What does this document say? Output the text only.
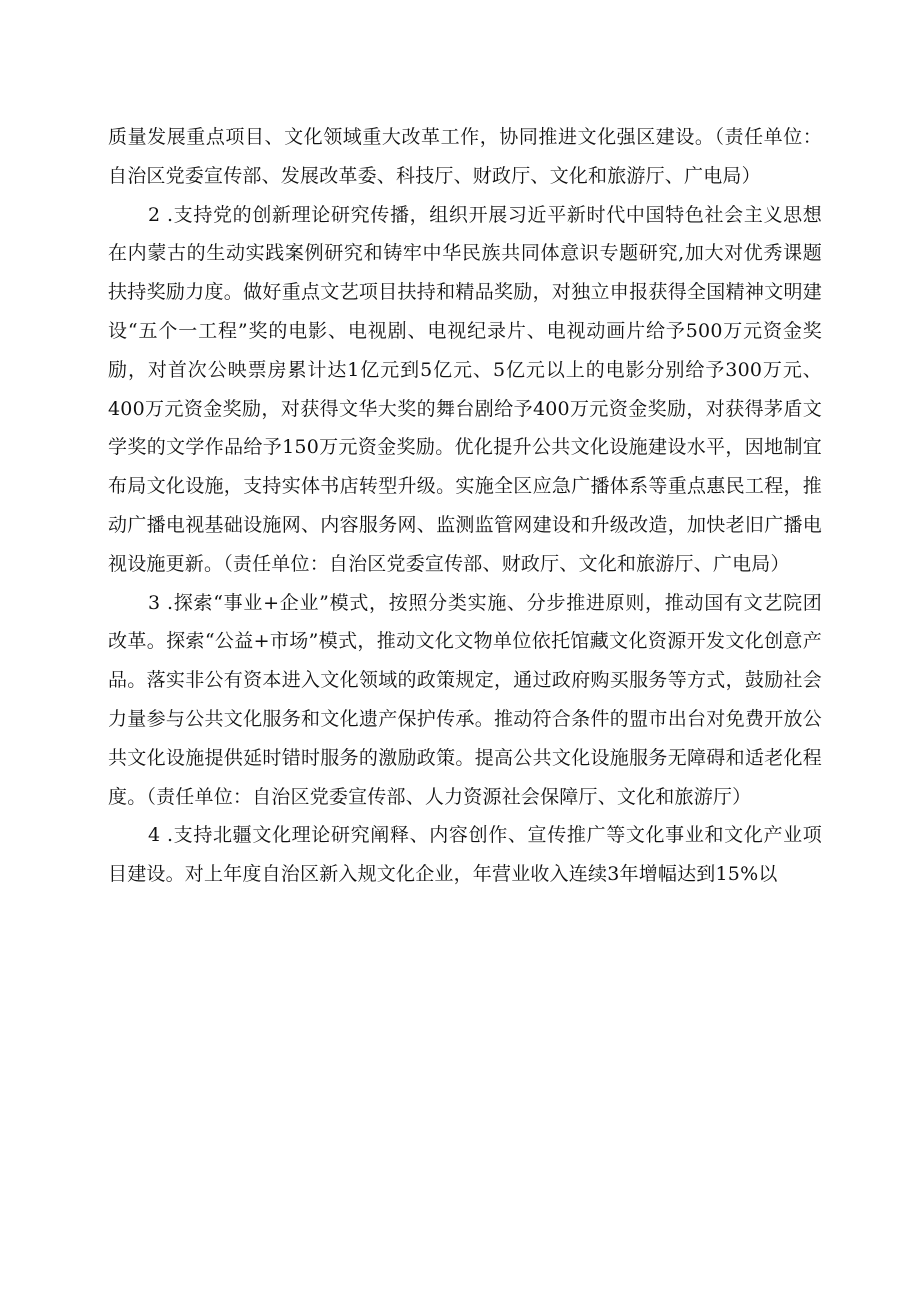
质量发展重点项目、文化领域重大改革工作，协同推进文化强区建设。（责任单位：自治区党委宣传部、发展改革委、科技厅、财政厅、文化和旅游厅、广电局）

2 .支持党的创新理论研究传播，组织开展习近平新时代中国特色社会主义思想在内蒙古的生动实践案例研究和铸牢中华民族共同体意识专题研究,加大对优秀课题扶持奖励力度。做好重点文艺项目扶持和精品奖励，对独立申报获得全国精神文明建设“五个一工程”奖的电影、电视剧、电视纪录片、电视动画片给予500万元资金奖励，对首次公映票房累计达1亿元到5亿元、5亿元以上的电影分别给予300万元、400万元资金奖励，对获得文华大奖的舞台剧给予400万元资金奖励，对获得茅盾文学奖的文学作品给予150万元资金奖励。优化提升公共文化设施建设水平，因地制宜布局文化设施，支持实体书店转型升级。实施全区应急广播体系等重点惠民工程，推动广播电视基础设施网、内容服务网、监测监管网建设和升级改造，加快老旧广播电视设施更新。（责任单位：自治区党委宣传部、财政厅、文化和旅游厅、广电局）

3 .探索“事业+企业”模式，按照分类实施、分步推进原则，推动国有文艺院团改革。探索“公益+市场”模式，推动文化文物单位依托馆藏文化资源开发文化创意产品。落实非公有资本进入文化领域的政策规定，通过政府购买服务等方式，鼓励社会力量参与公共文化服务和文化遗产保护传承。推动符合条件的盟市出台对免费开放公共文化设施提供延时错时服务的激励政策。提高公共文化设施服务无障碍和适老化程度。（责任单位：自治区党委宣传部、人力资源社会保障厅、文化和旅游厅）

4 .支持北疆文化理论研究阐释、内容创作、宣传推广等文化事业和文化产业项目建设。对上年度自治区新入规文化企业，年营业收入连续3年增幅达到15%以
